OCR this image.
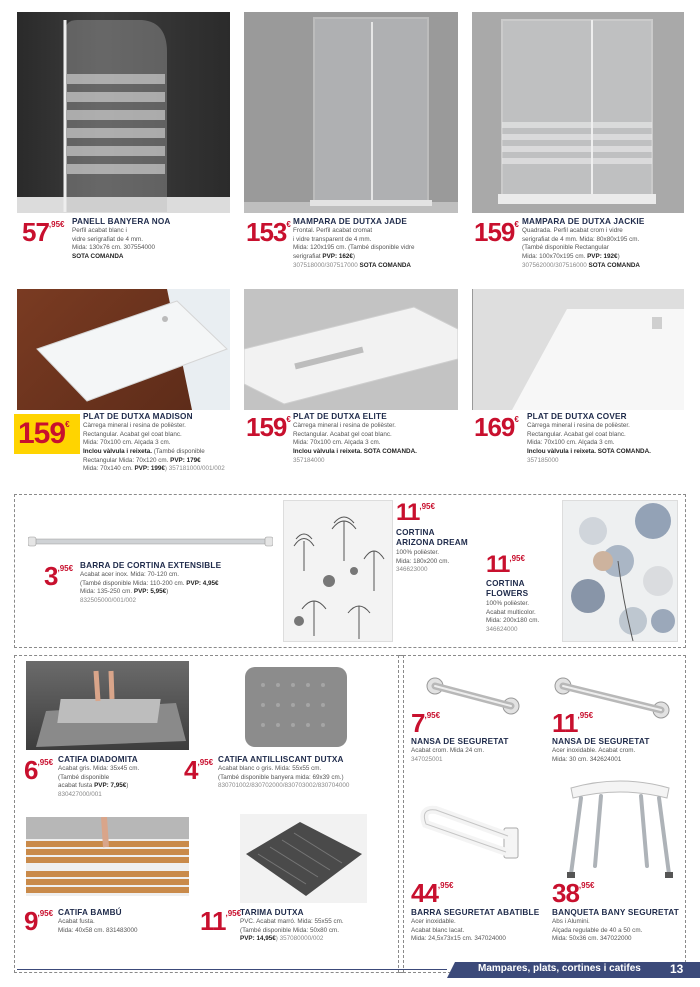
$57^{,95€}$ PANELL BANYERA NOA
Perfil acabat blanc i
vidre serigrafiat de 4 mm.
Mida: 130x76 cm. 307554000
SOTA COMANDA
153€ MAMPARA DE DUTXA JADE
Frontal. Perfil acabat cromat
i vidre transparent de 4 mm.
Mida: 120x195 cm. (També disponible vidre
serigrafiat PVP: 162€)
307518000/307517000 SOTA COMANDA
159€ MAMPARA DE DUTXA JACKIE
Quadrada. Perfil acabat crom i vidre
serigrafiat de 4 mm. Mida: 80x80x195 cm.
(També disponible Rectangular
Mida: 100x70x195 cm. PVP: 192€)
307562000/307516000 SOTA COMANDA
159€
PLAT DE DUTXA MADISON
Càrrega mineral i resina de polièster.
Rectangular. Acabat gel coat blanc.
Mida: 70x100 cm. Alçada 3 cm.
Inclou vàlvula i reixeta. (També disponible
Rectangular Mida: 70x120 cm. PVP: 179€
Mida: 70x140 cm. PVP: 199€) 357181000/001/002
159€ PLAT DE DUTXA ELITE
Càrrega mineral i resina de polièster.
Rectangular. Acabat gel coat blanc.
Mida: 70x100 cm. Alçada 3 cm.
Inclou vàlvula i reixeta. SOTA COMANDA.
357184000
169€ PLAT DE DUTXA COVER
Càrrega mineral i resina de polièster.
Rectangular. Acabat gel coat blanc.
Mida: 70x100 cm. Alçada 3 cm.
Inclou vàlvula i reixeta. SOTA COMANDA.
357185000
$3^{,95€}$ BARRA DE CORTINA EXTENSIBLE
Acabat acer inox. Mida: 70-120 cm.
(També disponible Mida: 110-200 cm. PVP: 4,95€
Mida: 135-250 cm. PVP: 5,95€)
832505000/001/002
$11^{,95€}$
CORTINA
ARIZONA DREAM
100% polièster.
Mida: 180x200 cm.
346623000	$11^{,95€}$
CORTINA
FLOWERS
100% polièster.
Acabat multicolor.
Mida: 200x180 cm.
346624000
$6^{,95€}$ CATIFA DIADOMITA
Acabat gris. Mida: 35x45 cm.
(També disponible
acabat fusta PVP: 7,95€)
830427000/001
$4^{,95€}$ CATIFA ANTILLISCANT DUTXA
Acabat blanc o gris. Mida: 55x55 cm.
(També disponible banyera mida: 69x39 cm.)
830701002/830702000/830703002/830704000
$9^{,95€}$ CATIFA BAMBÚ
Acabat fusta.
Mida: 40x58 cm. 831483000	$11^{,95€}$
TARIMA DUTXA
PVC. Acabat marró. Mida: 55x55 cm.
(També disponible Mida: 50x80 cm.
PVP: 14,95€) 357080000/002
$7^{,95€}$
NANSA DE SEGURETAT
Acabat crom. Mida 24 cm.
347025001
$11^{,95€}$
NANSA DE SEGURETAT
Acer inoxidable. Acabat crom.
Mida: 30 cm. 342624001
$44^{,95€}$
BARRA SEGURETAT ABATIBLE
Acer inoxidable.
Acabat blanc lacat.
Mida: 24,5x73x15 cm. 347024000
$38^{,95€}$
BANQUETA BANY SEGURETAT
Abs i Alumini.
Alçada regulable de 40 a 50 cm.
Mida: 50x36 cm. 347022000
Mampares, plats, cortines i catifes 13
